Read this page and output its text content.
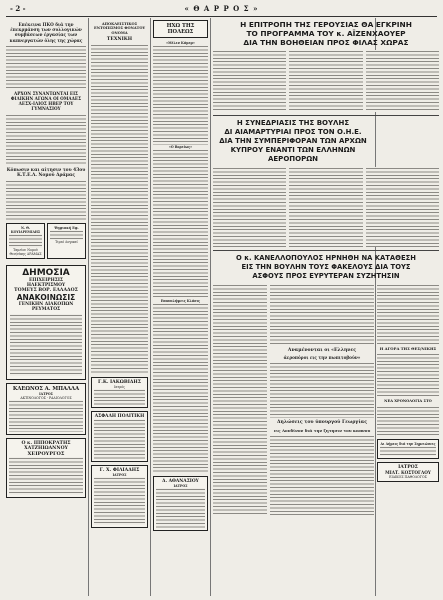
- 2 -	« Θ Α Ρ Ρ Ο Σ »
Επέκεινα ΠΚΟ διά την έπεκρμάνση των συλλογικών συμβάσεων έργασίας των καπνεργατών όλης της χώρας
ΑΡΧΟΝ ΣΥΝΑΝΤΩΝΤΑΙ ΕΙΣ ΦΙΛΙΚΗΝ ΑΓΩΝΑ ΟΙ ΟΜΑΔΕΣ ΛΕΣΧ-ΙΛΙΟΣ ΗΒΕΡ ΤΟΥ ΓΥΜΝΑΣΙΟΥ
Κόπωσιν και αίτησιν του 43ου Κ.Τ.Ε.Λ. Νομού Δράμας
Ν. Θ. ΚΟΥΙΔΡΕΜΙΔΗΣ
Ταμείον Νομού Θεσ/νίκης ΔΡΑΜΑΣ
Ψηφιακή Εφ.
Τιμαί Λογικαί
ΔΗΜΟΣΙΑ
ΕΠΙΧΕΙΡΗΣΙΣ ΗΛΕΚΤΡΙΣΜΟΥ
ΤΟΜΕΥΣ ΒΟΡ. ΕΛΛΑΔΟΣ
ΑΝΑΚΟΙΝΩΣΙΣ
ΓΕΝΙΚΗΝ ΔΙΑΚΟΠΩΝ ΡΕΥΜΑΤΟΣ
ΚΛΕΩΝΟΣ Α. ΜΠΑΛΛΑ
ΙΑΤΡΟΣ
ΑΚΤΙΝΟΛΟΓΟΣ - ΡΑΔΙΟΛΟΓΟΣ
Ο κ. ΙΠΠΟΚΡΑΤΗΣ ΧΑΤΖΗΙΩΑΝΝΟΥ
ΧΕΙΡΟΥΡΓΟΣ
ΑΠΟΚΛΕΙΣΤΙΚΟΣ ΕΝΤΟΠΙΣΜΟΣ ΦΟΝΑΤΟΥ ΟΝΟΜΑ
ΤΕΧΝΙΚΗ
Γ.Κ. ΙΑΚΩΒΙΔΗΣ
Ιατρός
ΑΣΦΑΛΗ ΠΟΛΙΤΙΚΗ
Γ. Χ. ΦΙΛΙΑΔΗΣ
ΙΑΤΡΟΣ
ΗΧΩ ΤΗΣ ΠΟΛΕΩΣ
«Μέλεν Κάμεμ»
«Ο Βορείως»
Επαναλήψεις Κλάσις
Δ. ΑΘΑΝΑΣΙΟΥ
ΙΑΤΡΟΣ
Η ΕΠΙΤΡΟΠΗ ΤΗΣ ΓΕΡΟΥΣΙΑΣ ΘΑ ΕΓΚΡΙΝΗ
ΤΟ ΠΡΟΓΡΑΜΜΑ ΤΟΥ κ. ΑΪΖΕΝΧΑΟΥΕΡ
ΔΙΑ ΤΗΝ ΒΟΗΘΕΙΑΝ ΠΡΟΣ ΦΙΛΑΣ ΧΩΡΑΣ
Η ΣΥΝΕΔΡΙΑΣΙΣ ΤΗΣ ΒΟΥΛΗΣ
ΔΙ ΑΙΑΜΑΡΤΥΡΙΑΙ ΠΡΟΣ ΤΟΝ Ο.Η.Ε.
ΔΙΑ ΤΗΝ ΣΥΜΠΕΡΙΦΟΡΑΝ ΤΩΝ ΑΡΧΩΝ
ΚΥΠΡΟΥ ΕΝΑΝΤΙ ΤΩΝ ΕΛΛΗΝΩΝ ΑΕΡΟΠΟΡΩΝ
Ο κ. ΚΑΝΕΛΛΟΠΟΥΛΟΣ ΗΡΝΗΘΗ ΝΑ ΚΑΤΑΘΕΣΗ
ΕΙΣ ΤΗΝ ΒΟΥΛΗΝ ΤΟΥΣ ΦΑΚΕΛΟΥΣ ΔΙΑ ΤΟΥΣ
ΑΣΦΟΥΣ ΠΡΟΣ ΕΥΡΥΤΕΡΑΝ ΣΥΖΗΤΗΣΙΝ
Αναμένονται οι «Ελληνες
άεροπόροι εις την πωπιτοβούν»
Δηλώσεις του ύπουργού Γεωργίας
εις Λονδίνον διά την ζητησιν του καπνου
Η ΑΓΟΡΑ ΤΗΣ ΘΕΣ/ΝΙΚΗΣ
ΝΕΑ ΧΡΟΝΟΛΟΓΙΑ ΣΤΟ
Αι Δήμεις διά την Σημειώσεις
ΙΑΤΡΟΣ
ΜΙΛΤ. ΚΟΣΤΟΓΛΟΥ
ΕΙΔΙΚΟΣ ΠΑΘΟΛΟΓΟΣ
